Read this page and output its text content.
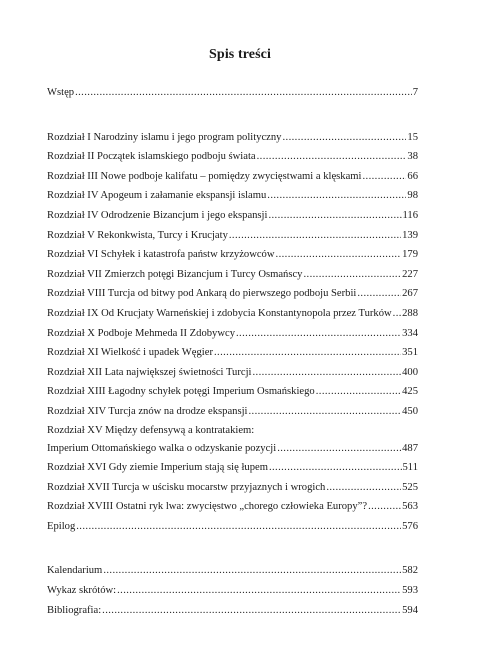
Spis treści
Wstęp .....	7
Rozdział I Narodziny islamu i jego program polityczny .....	15
Rozdział II Początek islamskiego podboju świata .....	38
Rozdział III Nowe podboje kalifatu – pomiędzy zwycięstwami a klęskami .....	66
Rozdział IV Apogeum i załamanie ekspansji islamu .....	98
Rozdział IV Odrodzenie Bizancjum i jego ekspansji .....	116
Rozdział V Rekonkwista, Turcy i Krucjaty .....	139
Rozdział VI Schyłek i katastrofa państw krzyżowców .....	179
Rozdział VII Zmierzch potęgi Bizancjum i Turcy Osmańscy .....	227
Rozdział VIII Turcja od bitwy pod Ankarą do pierwszego podboju Serbii .....	267
Rozdział IX Od Krucjaty Warneńskiej i zdobycia Konstantynopola przez Turków ..... 288
Rozdział X Podboje Mehmeda II Zdobywcy .....	334
Rozdział XI Wielkość i upadek Węgier .....	351
Rozdział XII Lata największej świetności Turcji .....	400
Rozdział XIII Łagodny schyłek potęgi Imperium Osmańskiego .....	425
Rozdział XIV Turcja znów na drodze ekspansji .....	450
Rozdział XV Między defensywą a kontratakiem:
Imperium Ottomańskiego walka o odzyskanie pozycji .....	487
Rozdział XVI Gdy ziemie Imperium stają się łupem .....	511
Rozdział XVII Turcja w uścisku mocarstw przyjaznych i wrogich .....	525
Rozdział XVIII Ostatni ryk lwa: zwycięstwo „chorego człowieka Europy”? .....	563
Epilog .....	576
Kalendarium .....	582
Wykaz skrótów: .....	593
Bibliografia: .....	594
